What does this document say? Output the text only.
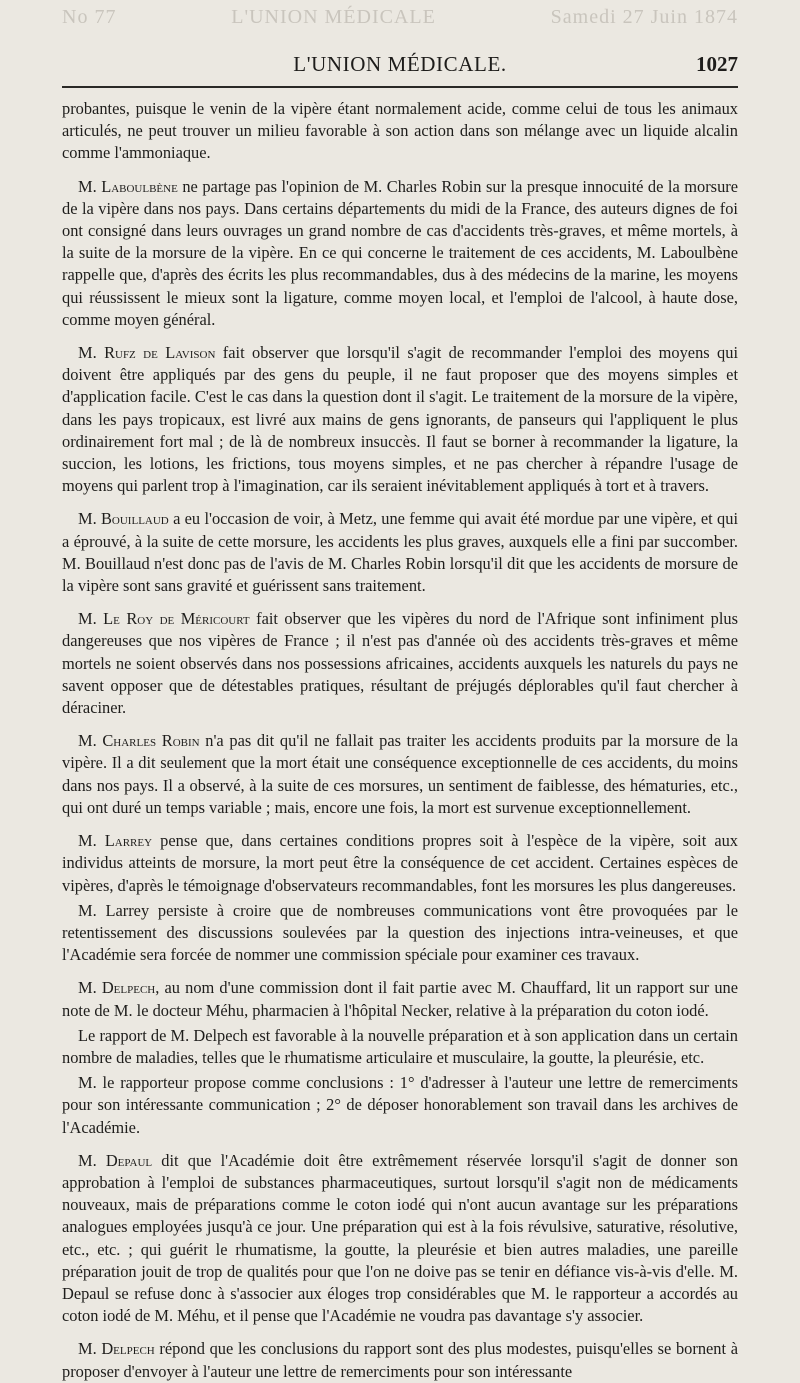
No 77	L'UNION MÉDICALE	Samedi 27 Juin 1874
L'UNION MÉDICALE.	1027

probantes, puisque le venin de la vipère étant normalement acide, comme celui de tous les animaux articulés, ne peut trouver un milieu favorable à son action dans son mélange avec un liquide alcalin comme l'ammoniaque.

M. Laboulbène ne partage pas l'opinion de M. Charles Robin sur la presque innocuité de la morsure de la vipère dans nos pays. Dans certains départements du midi de la France, des auteurs dignes de foi ont consigné dans leurs ouvrages un grand nombre de cas d'accidents très-graves, et même mortels, à la suite de la morsure de la vipère. En ce qui concerne le traitement de ces accidents, M. Laboulbène rappelle que, d'après des écrits les plus recommandables, dus à des médecins de la marine, les moyens qui réussissent le mieux sont la ligature, comme moyen local, et l'emploi de l'alcool, à haute dose, comme moyen général.

M. Rufz de Lavison fait observer que lorsqu'il s'agit de recommander l'emploi des moyens qui doivent être appliqués par des gens du peuple, il ne faut proposer que des moyens simples et d'application facile. C'est le cas dans la question dont il s'agit. Le traitement de la morsure de la vipère, dans les pays tropicaux, est livré aux mains de gens ignorants, de panseurs qui l'appliquent le plus ordinairement fort mal ; de là de nombreux insuccès. Il faut se borner à recommander la ligature, la succion, les lotions, les frictions, tous moyens simples, et ne pas chercher à répandre l'usage de moyens qui parlent trop à l'imagination, car ils seraient inévitablement appliqués à tort et à travers.

M. Bouillaud a eu l'occasion de voir, à Metz, une femme qui avait été mordue par une vipère, et qui a éprouvé, à la suite de cette morsure, les accidents les plus graves, auxquels elle a fini par succomber. M. Bouillaud n'est donc pas de l'avis de M. Charles Robin lorsqu'il dit que les accidents de morsure de la vipère sont sans gravité et guérissent sans traitement.

M. Le Roy de Méricourt fait observer que les vipères du nord de l'Afrique sont infiniment plus dangereuses que nos vipères de France ; il n'est pas d'année où des accidents très-graves et même mortels ne soient observés dans nos possessions africaines, accidents auxquels les naturels du pays ne savent opposer que de détestables pratiques, résultant de préjugés déplorables qu'il faut chercher à déraciner.

M. Charles Robin n'a pas dit qu'il ne fallait pas traiter les accidents produits par la morsure de la vipère. Il a dit seulement que la mort était une conséquence exceptionnelle de ces accidents, du moins dans nos pays. Il a observé, à la suite de ces morsures, un sentiment de faiblesse, des hématuries, etc., qui ont duré un temps variable ; mais, encore une fois, la mort est survenue exceptionnellement.

M. Larrey pense que, dans certaines conditions propres soit à l'espèce de la vipère, soit aux individus atteints de morsure, la mort peut être la conséquence de cet accident. Certaines espèces de vipères, d'après le témoignage d'observateurs recommandables, font les morsures les plus dangereuses.

M. Larrey persiste à croire que de nombreuses communications vont être provoquées par le retentissement des discussions soulevées par la question des injections intra-veineuses, et que l'Académie sera forcée de nommer une commission spéciale pour examiner ces travaux.

M. Delpech, au nom d'une commission dont il fait partie avec M. Chauffard, lit un rapport sur une note de M. le docteur Méhu, pharmacien à l'hôpital Necker, relative à la préparation du coton iodé.

Le rapport de M. Delpech est favorable à la nouvelle préparation et à son application dans un certain nombre de maladies, telles que le rhumatisme articulaire et musculaire, la goutte, la pleurésie, etc.

M. le rapporteur propose comme conclusions : 1° d'adresser à l'auteur une lettre de remerciments pour son intéressante communication ; 2° de déposer honorablement son travail dans les archives de l'Académie.

M. Depaul dit que l'Académie doit être extrêmement réservée lorsqu'il s'agit de donner son approbation à l'emploi de substances pharmaceutiques, surtout lorsqu'il s'agit non de médicaments nouveaux, mais de préparations comme le coton iodé qui n'ont aucun avantage sur les préparations analogues employées jusqu'à ce jour. Une préparation qui est à la fois révulsive, saturative, résolutive, etc., etc. ; qui guérit le rhumatisme, la goutte, la pleurésie et bien autres maladies, une pareille préparation jouit de trop de qualités pour que l'on ne doive pas se tenir en défiance vis-à-vis d'elle. M. Depaul se refuse donc à s'associer aux éloges trop considérables que M. le rapporteur a accordés au coton iodé de M. Méhu, et il pense que l'Académie ne voudra pas davantage s'y associer.

M. Delpech répond que les conclusions du rapport sont des plus modestes, puisqu'elles se bornent à proposer d'envoyer à l'auteur une lettre de remerciments pour son intéressante
